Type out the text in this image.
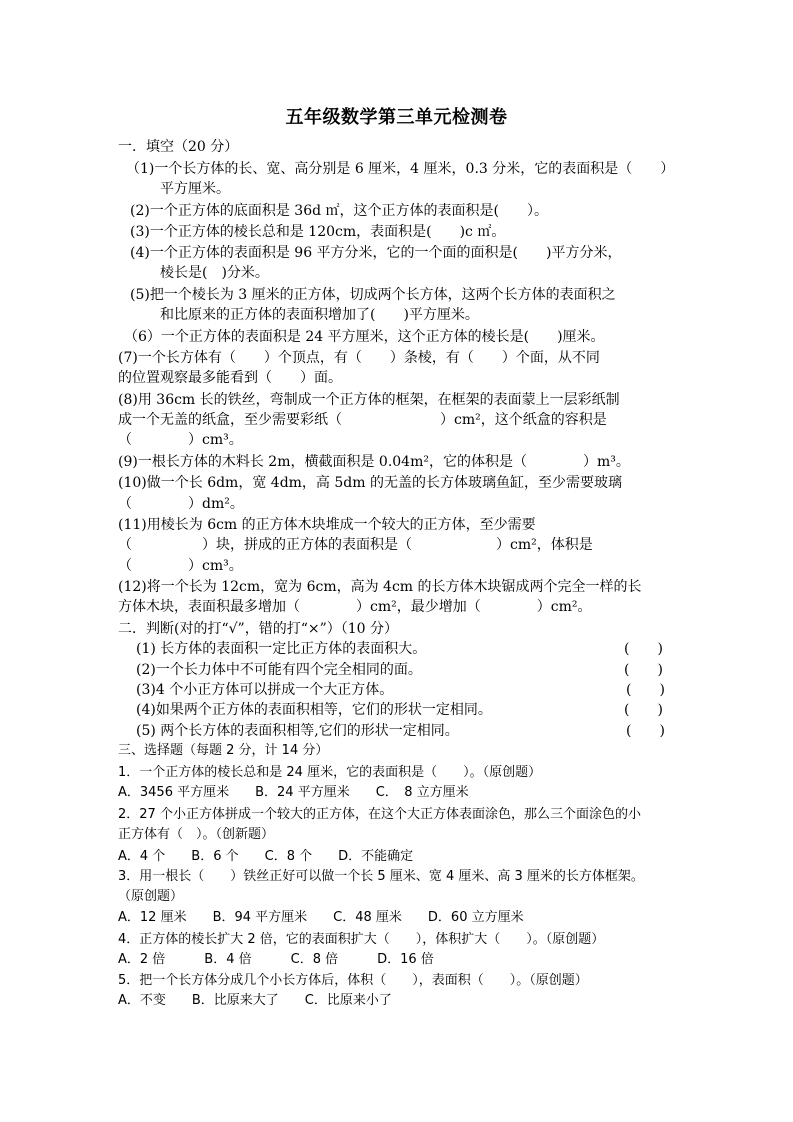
五年级数学第三单元检测卷
一．填空（20 分）
（1)一个长方体的长、宽、高分别是 6 厘米，4 厘米，0.3 分米，它的表面积是（　　）
平方厘米。
(2)一个正方体的底面积是 36d ㎡，这个正方体的表面积是(　　）。
(3)一个正方体的棱长总和是 120cm，表面积是(　　)c ㎡。
(4)一个正方体的表面积是 96 平方分米，它的一个面的面积是(　　)平方分米，
棱长是(　)分米。
(5)把一个棱长为 3 厘米的正方体，切成两个长方体，这两个长方体的表面积之
和比原来的正方体的表面积增加了(　　)平方厘米。
（6）一个正方体的表面积是 24 平方厘米，这个正方体的棱长是(　　)厘米。
(7)一个长方体有（　　）个顶点，有（　　）条棱，有（　　）个面，从不同
的位置观察最多能看到（　　）面。
(8)用 36cm 长的铁丝，弯制成一个正方体的框架，在框架的表面蒙上一层彩纸制
成一个无盖的纸盒，至少需要彩纸（　　　　　　　）cm²，这个纸盒的容积是
（　　　　）cm³。
(9)一根长方体的木料长 2m，横截面积是 0.04m²，它的体积是（　　　　）m³。
(10)做一个长 6dm，宽 4dm，高 5dm 的无盖的长方体玻璃鱼缸，至少需要玻璃
（　　　　）dm²。
(11)用棱长为 6cm 的正方体木块堆成一个较大的正方体，至少需要
（　　　　　）块，拼成的正方体的表面积是（　　　　　　）cm²，体积是
（　　　　）cm³。
(12)将一个长为 12cm，宽为 6cm，高为 4cm 的长方体木块锯成两个完全一样的长
方体木块，表面积最多增加（　　　　）cm²，最少增加（　　　　）cm²。
二．判断(对的打“√”，错的打“×”）（10 分）
(1) 长方体的表面积一定比正方体的表面积大。	(　　)
(2)一个长力体中不可能有四个完全相同的面。	(　　)
(3)4 个小正方体可以拼成一个大正方体。	(　　)
(4)如果两个正方体的表面积相等，它们的形状一定相同。	(　　)
(5) 两个长方体的表面积相等,它们的形状一定相同。	(　　)
三、选择题（每题 2 分，计 14 分）
1．一个正方体的棱长总和是 24 厘米，它的表面积是（　　）。（原创题）
A．3456 平方厘米　　B．24 平方厘米　　C．　8 立方厘米
2．27 个小正方体拼成一个较大的正方体，在这个大正方体表面涂色，那么三个面涂色的小
正方体有（　）。（创新题）
A．4 个　　B．6 个　　C．8 个　　D．不能确定
3．用一根长（　　）铁丝正好可以做一个长 5 厘米、宽 4 厘米、高 3 厘米的长方体框架。
（原创题）
A．12 厘米　　B．94 平方厘米　　C．48 厘米　　D．60 立方厘米
4．正方体的棱长扩大 2 倍，它的表面积扩大（　　），体积扩大（　　）。（原创题）
A．2 倍　　　B．4 倍　　　C．8 倍　　　D．16 倍
5．把一个长方体分成几个小长方体后，体积（　　），表面积（　　）。（原创题）
A．不变　　B．比原来大了　　C．比原来小了
